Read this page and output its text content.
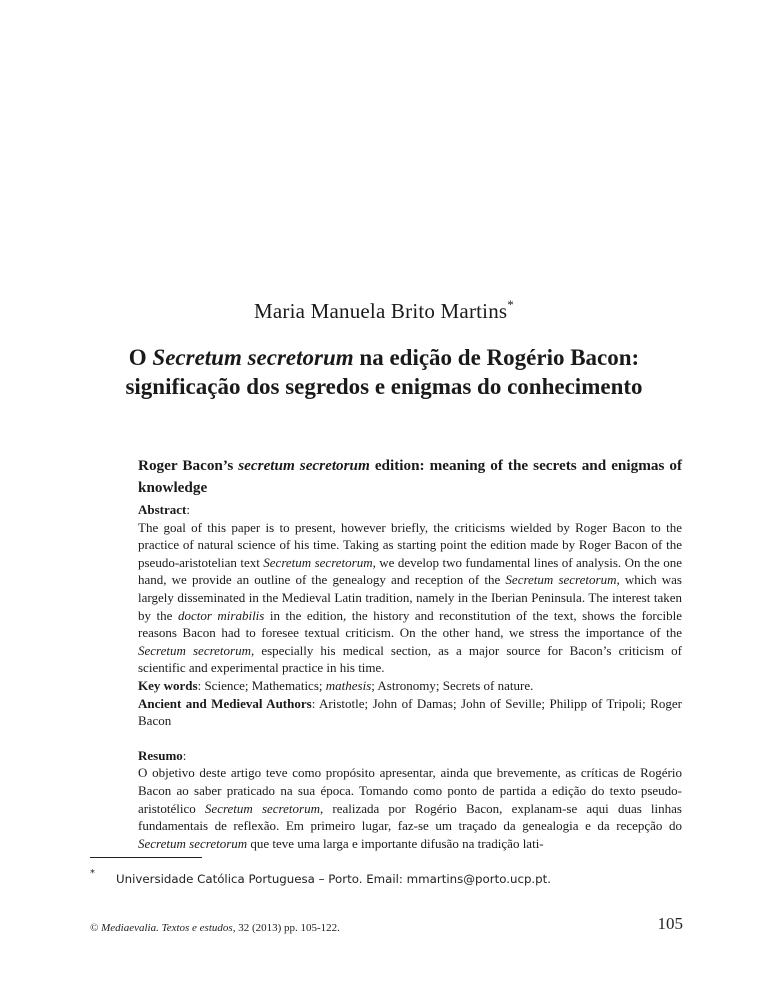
Maria Manuela Brito Martins*
O Secretum secretorum na edição de Rogério Bacon:
significação dos segredos e enigmas do conhecimento

Roger Bacon’s secretum secretorum edition: meaning of the secrets and enigmas of knowledge

Abstract:

The goal of this paper is to present, however briefly, the criticisms wielded by Roger Bacon to the practice of natural science of his time. Taking as starting point the edition made by Roger Bacon of the pseudo-aristotelian text Secretum secretorum, we develop two fundamental lines of analysis. On the one hand, we provide an outline of the genealogy and reception of the Secretum secretorum, which was largely disseminated in the Medieval Latin tradition, namely in the Iberian Peninsula. The interest taken by the doctor mirabilis in the edition, the history and reconstitution of the text, shows the forcible reasons Bacon had to foresee textual criticism. On the other hand, we stress the importance of the Secretum secretorum, especially his medical section, as a major source for Bacon’s criticism of scientific and experimental practice in his time.

Key words: Science; Mathematics; mathesis; Astronomy; Secrets of nature.

Ancient and Medieval Authors: Aristotle; John of Damas; John of Seville; Philipp of Tripoli; Roger Bacon

Resumo:

O objetivo deste artigo teve como propósito apresentar, ainda que brevemente, as críticas de Rogério Bacon ao saber praticado na sua época. Tomando como ponto de partida a edição do texto pseudo-aristotélico Secretum secretorum, realizada por Rogério Bacon, explanam-se aqui duas linhas fundamentais de reflexão. Em primeiro lugar, faz-se um traçado da genealogia e da recepção do Secretum secretorum que teve uma larga e importante difusão na tradição lati-

* Universidade Católica Portuguesa – Porto. Email: mmartins@porto.ucp.pt.
© Mediaevalia. Textos e estudos, 32 (2013) pp. 105-122.	105
